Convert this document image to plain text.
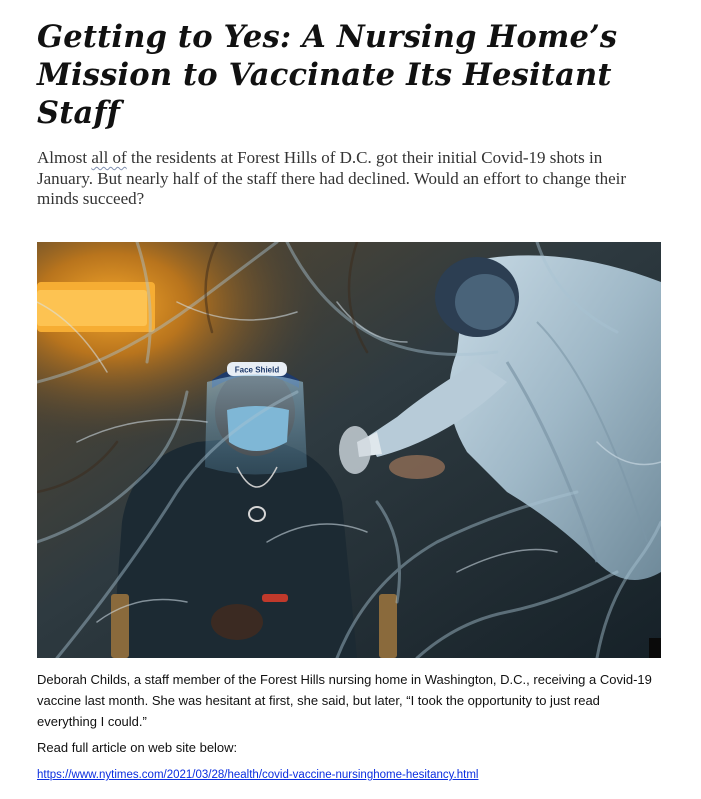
Getting to Yes: A Nursing Home’s Mission to Vaccinate Its Hesitant Staff

Almost all of the residents at Forest Hills of D.C. got their initial Covid-19 shots in January. But nearly half of the staff there had declined. Would an effort to change their minds succeed?

Face Shield

Deborah Childs, a staff member of the Forest Hills nursing home in Washington, D.C., receiving a Covid-19 vaccine last month. She was hesitant at first, she said, but later, “I took the opportunity to just read everything I could.”

Read full article on web site below:

https://www.nytimes.com/2021/03/28/health/covid-vaccine-nursinghome-hesitancy.html
